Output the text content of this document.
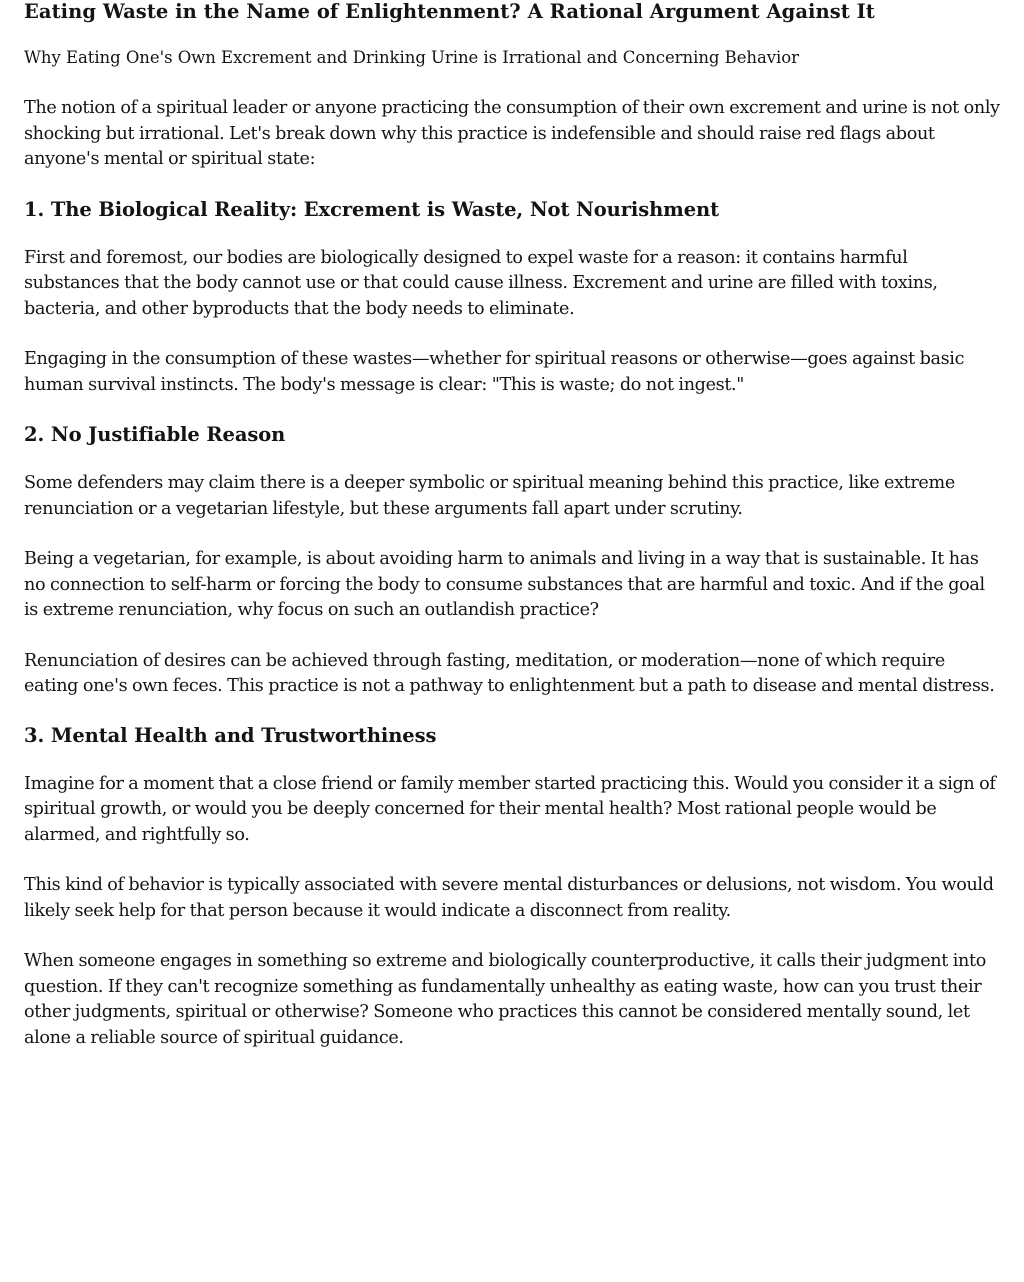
Eating Waste in the Name of Enlightenment? A Rational Argument Against It
Why Eating One's Own Excrement and Drinking Urine is Irrational and Concerning Behavior

The notion of a spiritual leader or anyone practicing the consumption of their own excrement and urine is not only shocking but irrational. Let's break down why this practice is indefensible and should raise red flags about anyone's mental or spiritual state:

1. The Biological Reality: Excrement is Waste, Not Nourishment

First and foremost, our bodies are biologically designed to expel waste for a reason: it contains harmful substances that the body cannot use or that could cause illness. Excrement and urine are filled with toxins, bacteria, and other byproducts that the body needs to eliminate.

Engaging in the consumption of these wastes—whether for spiritual reasons or otherwise—goes against basic human survival instincts. The body's message is clear: "This is waste; do not ingest."

2. No Justifiable Reason

Some defenders may claim there is a deeper symbolic or spiritual meaning behind this practice, like extreme renunciation or a vegetarian lifestyle, but these arguments fall apart under scrutiny.

Being a vegetarian, for example, is about avoiding harm to animals and living in a way that is sustainable. It has no connection to self-harm or forcing the body to consume substances that are harmful and toxic. And if the goal is extreme renunciation, why focus on such an outlandish practice?

Renunciation of desires can be achieved through fasting, meditation, or moderation—none of which require eating one's own feces. This practice is not a pathway to enlightenment but a path to disease and mental distress.

3. Mental Health and Trustworthiness

Imagine for a moment that a close friend or family member started practicing this. Would you consider it a sign of spiritual growth, or would you be deeply concerned for their mental health? Most rational people would be alarmed, and rightfully so.

This kind of behavior is typically associated with severe mental disturbances or delusions, not wisdom. You would likely seek help for that person because it would indicate a disconnect from reality.

When someone engages in something so extreme and biologically counterproductive, it calls their judgment into question. If they can't recognize something as fundamentally unhealthy as eating waste, how can you trust their other judgments, spiritual or otherwise? Someone who practices this cannot be considered mentally sound, let alone a reliable source of spiritual guidance.
